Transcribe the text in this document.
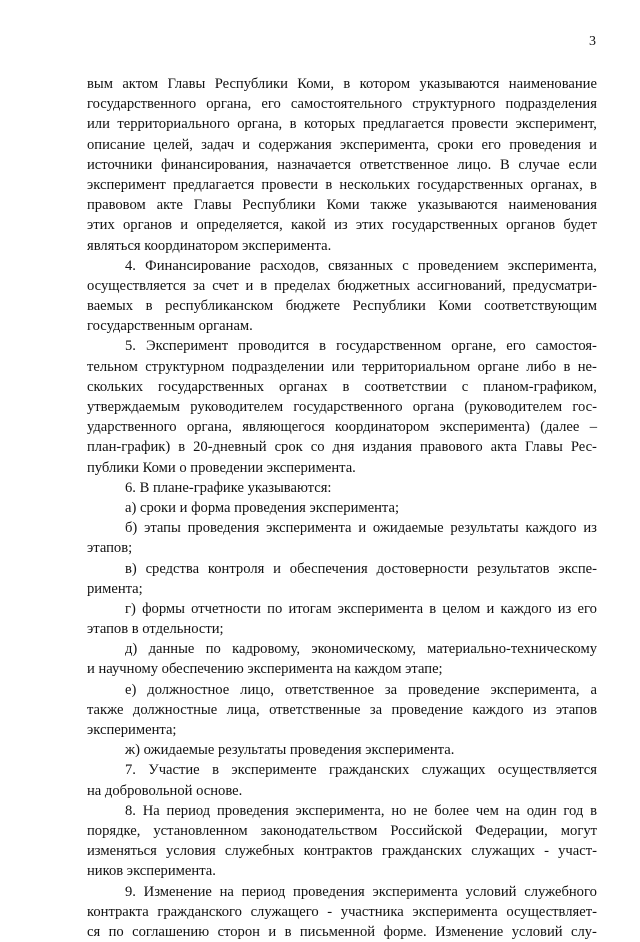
3
вым актом Главы Республики Коми, в котором указываются наименование
государственного органа, его самостоятельного структурного подразделения
или территориального органа, в которых предлагается провести эксперимент,
описание целей, задач и содержания эксперимента, сроки его проведения и
источники финансирования, назначается ответственное лицо. В случае если
эксперимент предлагается провести в нескольких государственных органах, в
правовом акте Главы Республики Коми также указываются наименования
этих органов и определяется, какой из этих государственных органов будет
являться координатором эксперимента.
4. Финансирование расходов, связанных с проведением эксперимента,
осуществляется за счет и в пределах бюджетных ассигнований, предусматри-
ваемых в республиканском бюджете Республики Коми соответствующим
государственным органам.
5. Эксперимент проводится в государственном органе, его самостоя-
тельном структурном подразделении или территориальном органе либо в не-
скольких государственных органах в соответствии с планом-графиком,
утверждаемым руководителем государственного органа (руководителем гос-
ударственного органа, являющегося координатором эксперимента) (далее –
план-график) в 20-дневный срок со дня издания правового акта Главы Рес-
публики Коми о проведении эксперимента.
6. В плане-графике указываются:
а) сроки и форма проведения эксперимента;
б) этапы проведения эксперимента и ожидаемые результаты каждого из
этапов;
в) средства контроля и обеспечения достоверности результатов экспе-
римента;
г) формы отчетности по итогам эксперимента в целом и каждого из его
этапов в отдельности;
д) данные по кадровому, экономическому, материально-техническому
и научному обеспечению эксперимента на каждом этапе;
е) должностное лицо, ответственное за проведение эксперимента, а
также должностные лица, ответственные за проведение каждого из этапов
эксперимента;
ж) ожидаемые результаты проведения эксперимента.
7. Участие в эксперименте гражданских служащих осуществляется
на добровольной основе.
8. На период проведения эксперимента, но не более чем на один год в
порядке, установленном законодательством Российской Федерации, могут
изменяться условия служебных контрактов гражданских служащих - участ-
ников эксперимента.
9. Изменение на период проведения эксперимента условий служебного
контракта гражданского служащего - участника эксперимента осуществляет-
ся по соглашению сторон и в письменной форме. Изменение условий слу-
